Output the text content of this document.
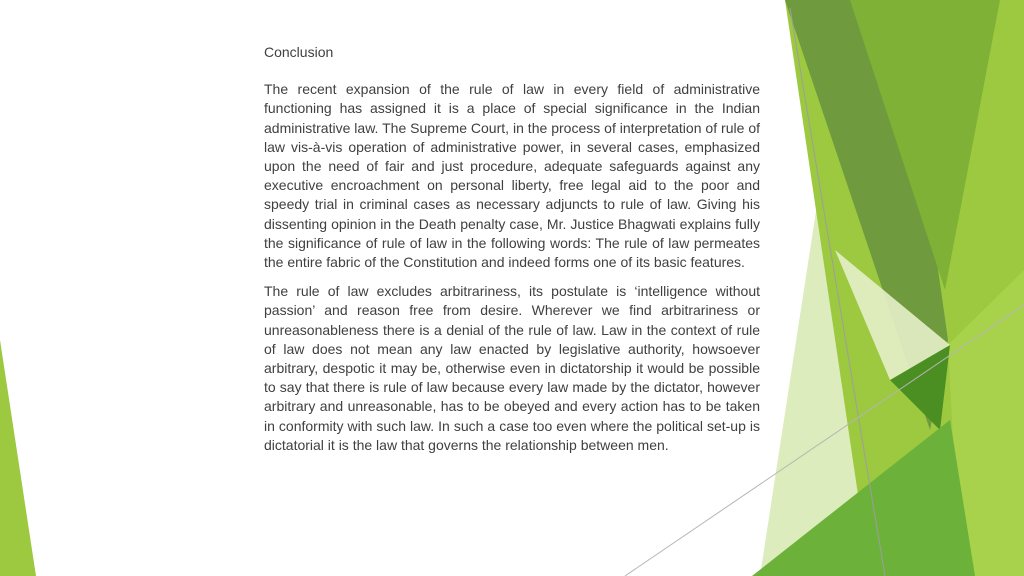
Conclusion

The recent expansion of the rule of law in every field of administrative functioning has assigned it is a place of special significance in the Indian administrative law. The Supreme Court, in the process of interpretation of rule of law vis-à-vis operation of administrative power, in several cases, emphasized upon the need of fair and just procedure, adequate safeguards against any executive encroachment on personal liberty, free legal aid to the poor and speedy trial in criminal cases as necessary adjuncts to rule of law. Giving his dissenting opinion in the Death penalty case, Mr. Justice Bhagwati explains fully the significance of rule of law in the following words: The rule of law permeates the entire fabric of the Constitution and indeed forms one of its basic features.

The rule of law excludes arbitrariness, its postulate is ‘intelligence without passion’ and reason free from desire. Wherever we find arbitrariness or unreasonableness there is a denial of the rule of law. Law in the context of rule of law does not mean any law enacted by legislative authority, howsoever arbitrary, despotic it may be, otherwise even in dictatorship it would be possible to say that there is rule of law because every law made by the dictator, however arbitrary and unreasonable, has to be obeyed and every action has to be taken in conformity with such law. In such a case too even where the political set-up is dictatorial it is the law that governs the relationship between men.
